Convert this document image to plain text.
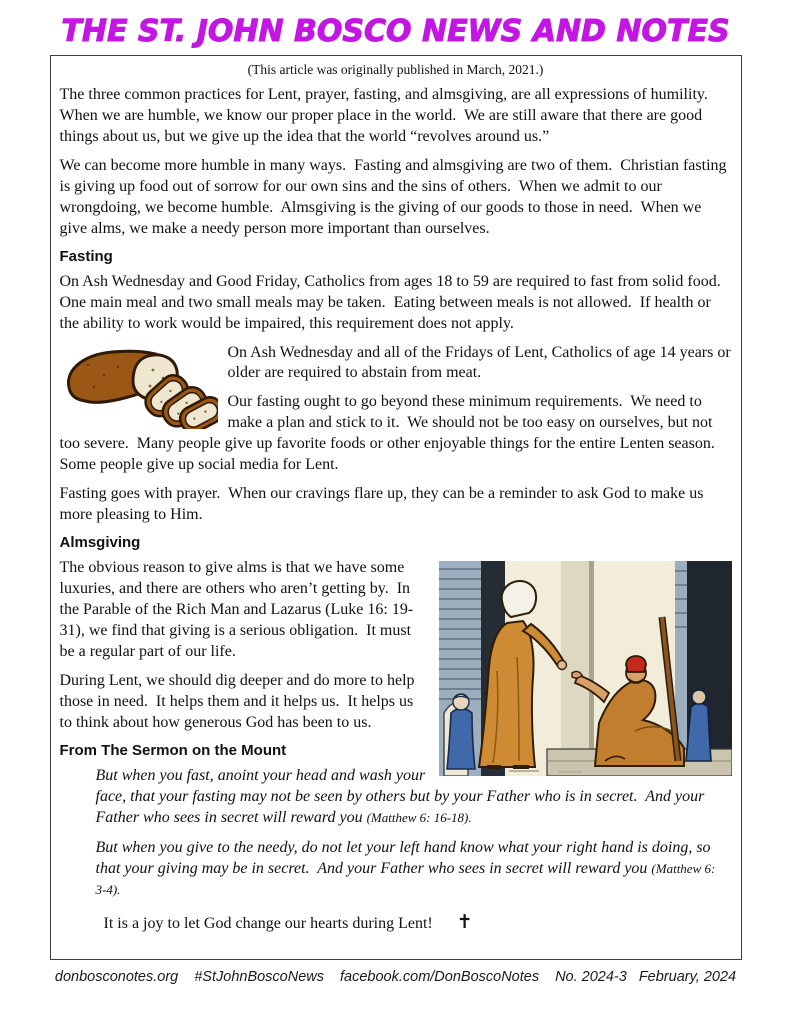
THE ST. JOHN BOSCO NEWS AND NOTES
(This article was originally published in March, 2021.)

The three common practices for Lent, prayer, fasting, and almsgiving, are all expressions of humility.  When we are humble, we know our proper place in the world.  We are still aware that there are good things about us, but we give up the idea that the world “revolves around us.”

We can become more humble in many ways.  Fasting and almsgiving are two of them.  Christian fasting is giving up food out of sorrow for our own sins and the sins of others.  When we admit to our wrongdoing, we become humble.  Almsgiving is the giving of our goods to those in need.  When we give alms, we make a needy person more important than ourselves.

Fasting

On Ash Wednesday and Good Friday, Catholics from ages 18 to 59 are required to fast from solid food.  One main meal and two small meals may be taken.  Eating between meals is not allowed.  If health or the ability to work would be impaired, this requirement does not apply.

On Ash Wednesday and all of the Fridays of Lent, Catholics of age 14 years or older are required to abstain from meat.

Our fasting ought to go beyond these minimum requirements.  We need to make a plan and stick to it.  We should not be too easy on ourselves, but not too severe.  Many people give up favorite foods or other enjoyable things for the entire Lenten season.  Some people give up social media for Lent.

Fasting goes with prayer.  When our cravings flare up, they can be a reminder to ask God to make us more pleasing to Him.

Almsgiving

The obvious reason to give alms is that we have some luxuries, and there are others who aren’t getting by.  In the Parable of the Rich Man and Lazarus (Luke 16: 19-31), we find that giving is a serious obligation.  It must be a regular part of our life.

During Lent, we should dig deeper and do more to help those in need.  It helps them and it helps us.  It helps us to think about how generous God has been to us.

From The Sermon on the Mount
But when you fast, anoint your head and wash your face, that your fasting may not be seen by others but by your Father who is in secret.  And your Father who sees in secret will reward you (Matthew 6: 16-18).
But when you give to the needy, do not let your left hand know what your right hand is doing, so that your giving may be in secret.  And your Father who sees in secret will reward you (Matthew 6: 3-4).

It is a joy to let God change our hearts during Lent! ✝

donbosconotes.org #StJohnBoscoNews facebook.com/DonBoscoNotes No. 2024-3 February, 2024
